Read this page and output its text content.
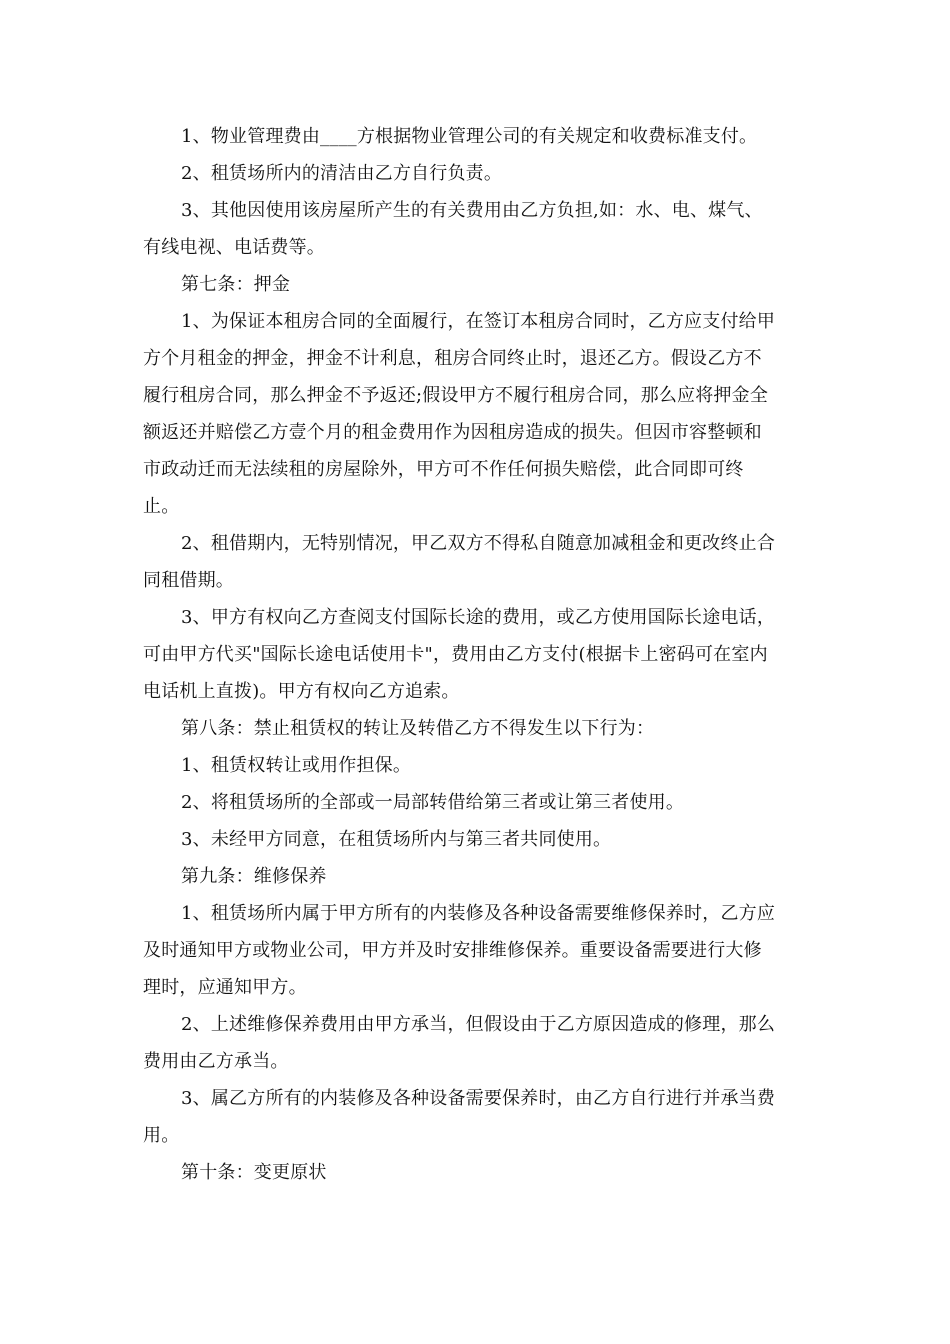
1、物业管理费由____方根据物业管理公司的有关规定和收费标准支付。

2、租赁场所内的清洁由乙方自行负责。

3、其他因使用该房屋所产生的有关费用由乙方负担,如：水、电、煤气、
有线电视、电话费等。

第七条：押金

1、为保证本租房合同的全面履行，在签订本租房合同时，乙方应支付给甲
方个月租金的押金，押金不计利息，租房合同终止时，退还乙方。假设乙方不
履行租房合同，那么押金不予返还;假设甲方不履行租房合同，那么应将押金全
额返还并赔偿乙方壹个月的租金费用作为因租房造成的损失。但因市容整顿和
市政动迁而无法续租的房屋除外，甲方可不作任何损失赔偿，此合同即可终
止。

2、租借期内，无特别情况，甲乙双方不得私自随意加减租金和更改终止合
同租借期。

3、甲方有权向乙方查阅支付国际长途的费用，或乙方使用国际长途电话，
可由甲方代买"国际长途电话使用卡"，费用由乙方支付(根据卡上密码可在室内
电话机上直拨)。甲方有权向乙方追索。

第八条：禁止租赁权的转让及转借乙方不得发生以下行为：

1、租赁权转让或用作担保。

2、将租赁场所的全部或一局部转借给第三者或让第三者使用。

3、未经甲方同意，在租赁场所内与第三者共同使用。

第九条：维修保养

1、租赁场所内属于甲方所有的内装修及各种设备需要维修保养时，乙方应
及时通知甲方或物业公司，甲方并及时安排维修保养。重要设备需要进行大修
理时，应通知甲方。

2、上述维修保养费用由甲方承当，但假设由于乙方原因造成的修理，那么
费用由乙方承当。

3、属乙方所有的内装修及各种设备需要保养时，由乙方自行进行并承当费
用。

第十条：变更原状
